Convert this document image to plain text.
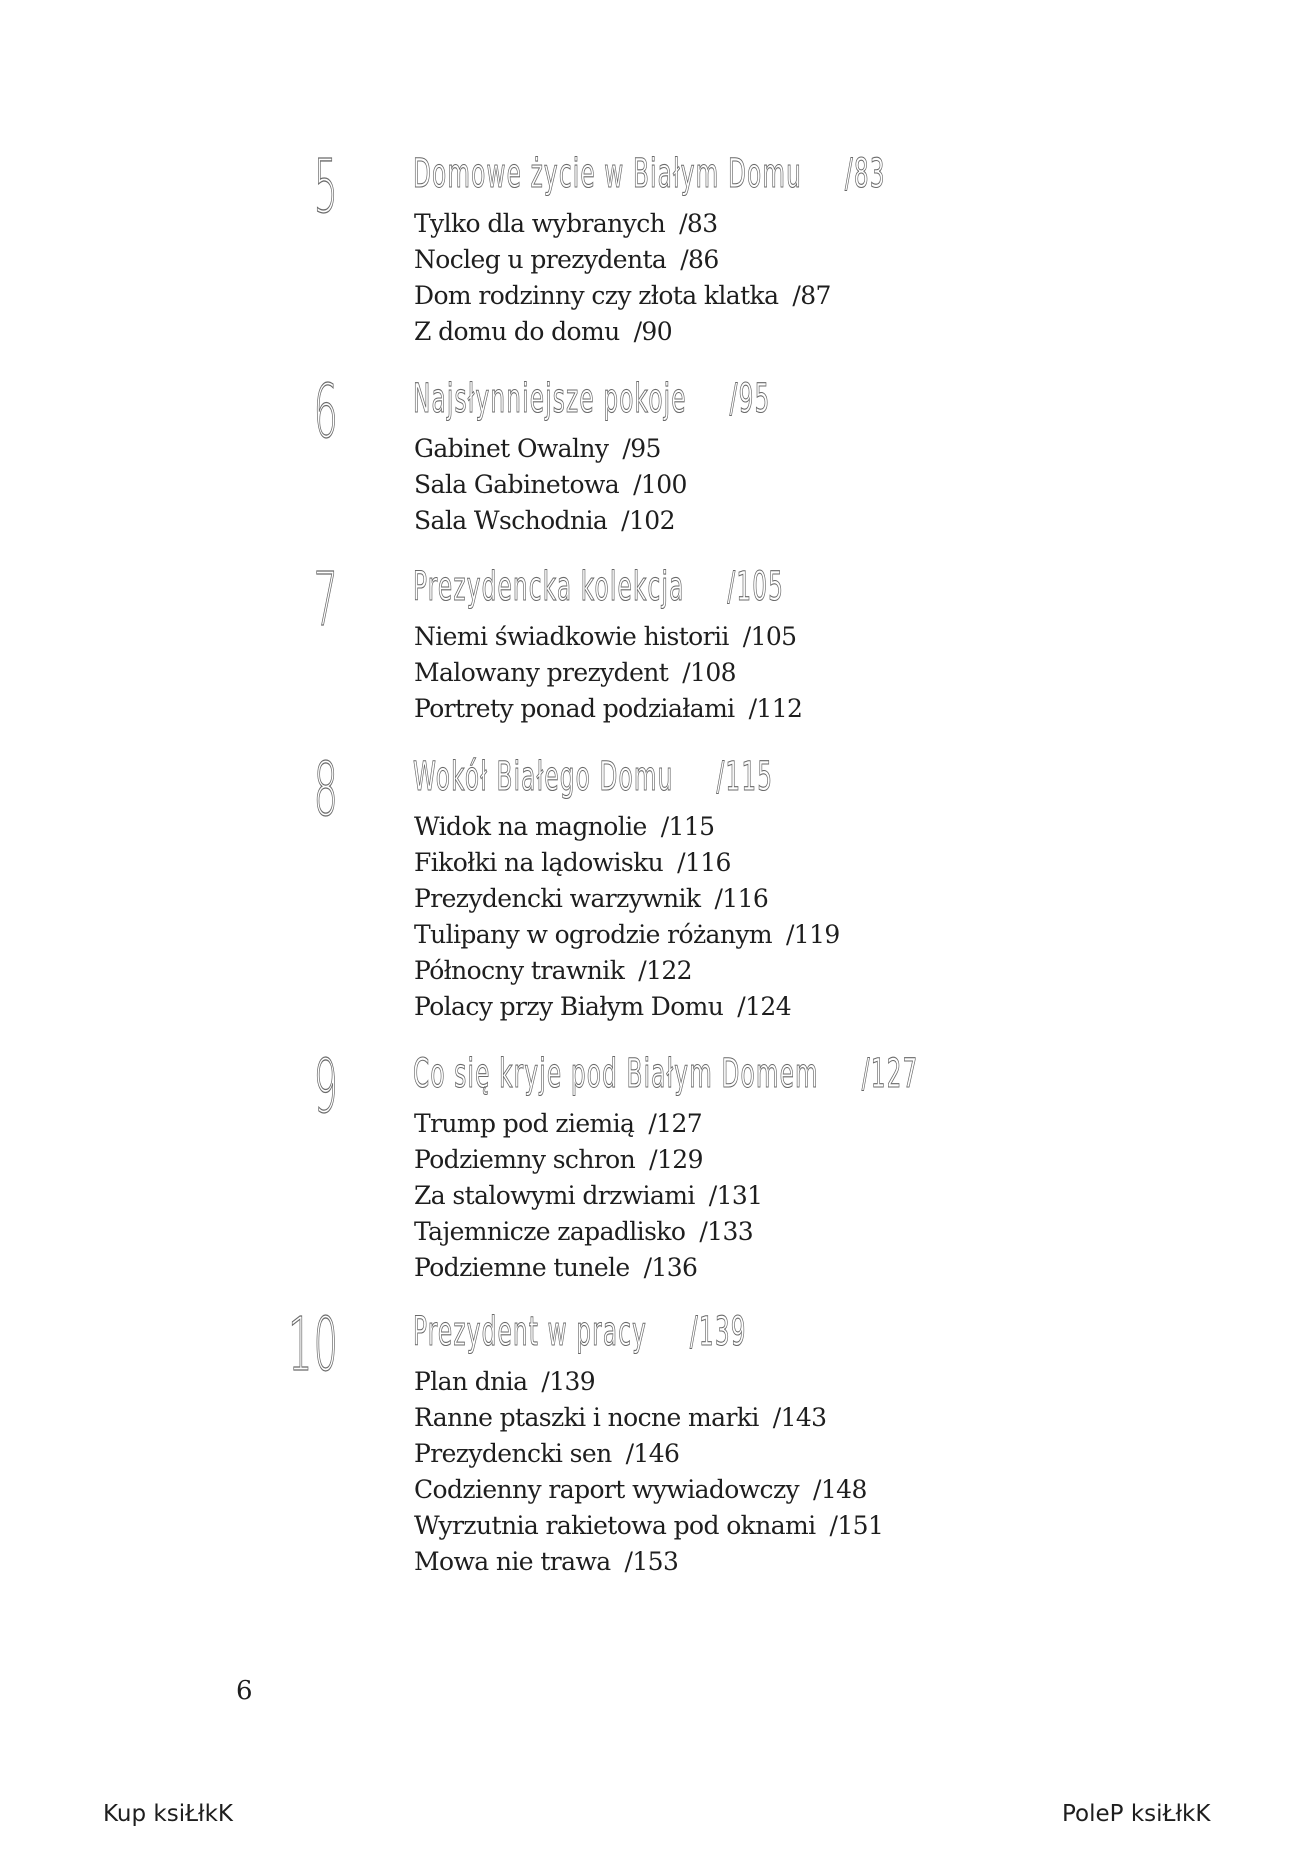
5 Domowe życie w Białym Domu /83
Tylko dla wybranych /83
Nocleg u prezydenta /86
Dom rodzinny czy złota klatka /87
Z domu do domu /90
6 Najsłynniejsze pokoje /95
Gabinet Owalny /95
Sala Gabinetowa /100
Sala Wschodnia /102
7 Prezydencka kolekcja /105
Niemi świadkowie historii /105
Malowany prezydent /108
Portrety ponad podziałami /112
8 Wokół Białego Domu /115
Widok na magnolie /115
Fikołki na lądowisku /116
Prezydencki warzywnik /116
Tulipany w ogrodzie różanym /119
Północny trawnik /122
Polacy przy Białym Domu /124
9 Co się kryje pod Białym Domem /127
Trump pod ziemią /127
Podziemny schron /129
Za stalowymi drzwiami /131
Tajemnicze zapadlisko /133
Podziemne tunele /136
10 Prezydent w pracy /139
Plan dnia /139
Ranne ptaszki i nocne marki /143
Prezydencki sen /146
Codzienny raport wywiadowczy /148
Wyrzutnia rakietowa pod oknami /151
Mowa nie trawa /153
6
Kup ksiŁłkK	PoleP ksiŁłkK
